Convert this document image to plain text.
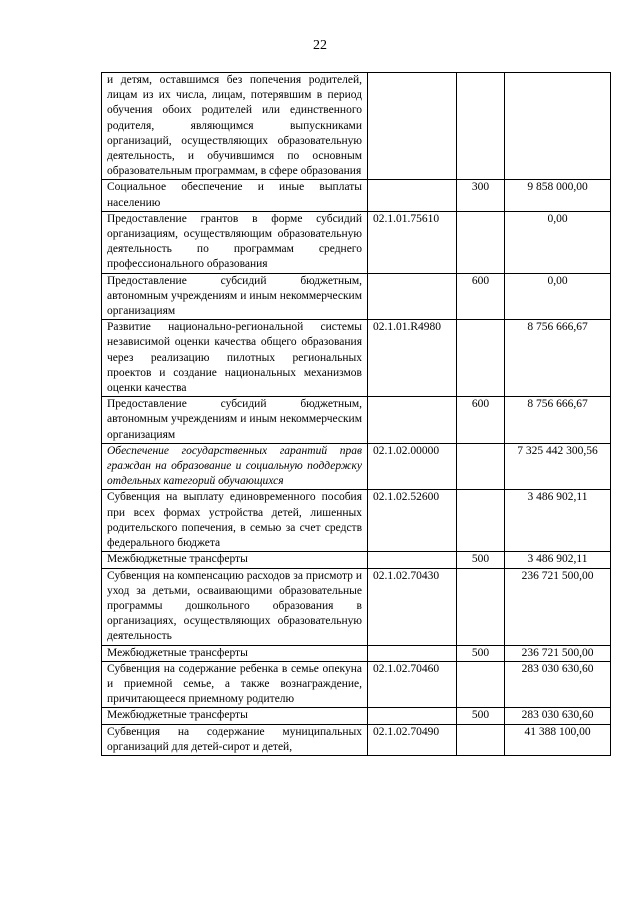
22
и детям, оставшимся без попечения родителей, лицам из их числа, лицам, потерявшим в период обучения обоих родителей или единственного родителя, являющимся выпускниками организаций, осуществляющих образовательную деятельность, и обучившимся по основным образовательным программам, в сфере образования			
Социальное обеспечение и иные выплаты населению		300	9 858 000,00
Предоставление грантов в форме субсидий организациям, осуществляющим образовательную деятельность по программам среднего профессионального образования	02.1.01.75610		0,00
Предоставление субсидий бюджетным, автономным учреждениям и иным некоммерческим организациям		600	0,00
Развитие национально-региональной системы независимой оценки качества общего образования через реализацию пилотных региональных проектов и создание национальных механизмов оценки качества	02.1.01.R4980		8 756 666,67
Предоставление субсидий бюджетным, автономным учреждениям и иным некоммерческим организациям		600	8 756 666,67
Обеспечение государственных гарантий прав граждан на образование и социальную поддержку отдельных категорий обучающихся	02.1.02.00000		7 325 442 300,56
Субвенция на выплату единовременного пособия при всех формах устройства детей, лишенных родительского попечения, в семью за счет средств федерального бюджета	02.1.02.52600		3 486 902,11
Межбюджетные трансферты		500	3 486 902,11
Субвенция на компенсацию расходов за присмотр и уход за детьми, осваивающими образовательные программы дошкольного образования в организациях, осуществляющих образовательную деятельность	02.1.02.70430		236 721 500,00
Межбюджетные трансферты		500	236 721 500,00
Субвенция на содержание ребенка в семье опекуна и приемной семье, а также вознаграждение, причитающееся приемному родителю	02.1.02.70460		283 030 630,60
Межбюджетные трансферты		500	283 030 630,60
Субвенция на содержание муниципальных организаций для детей-сирот и детей,	02.1.02.70490		41 388 100,00
